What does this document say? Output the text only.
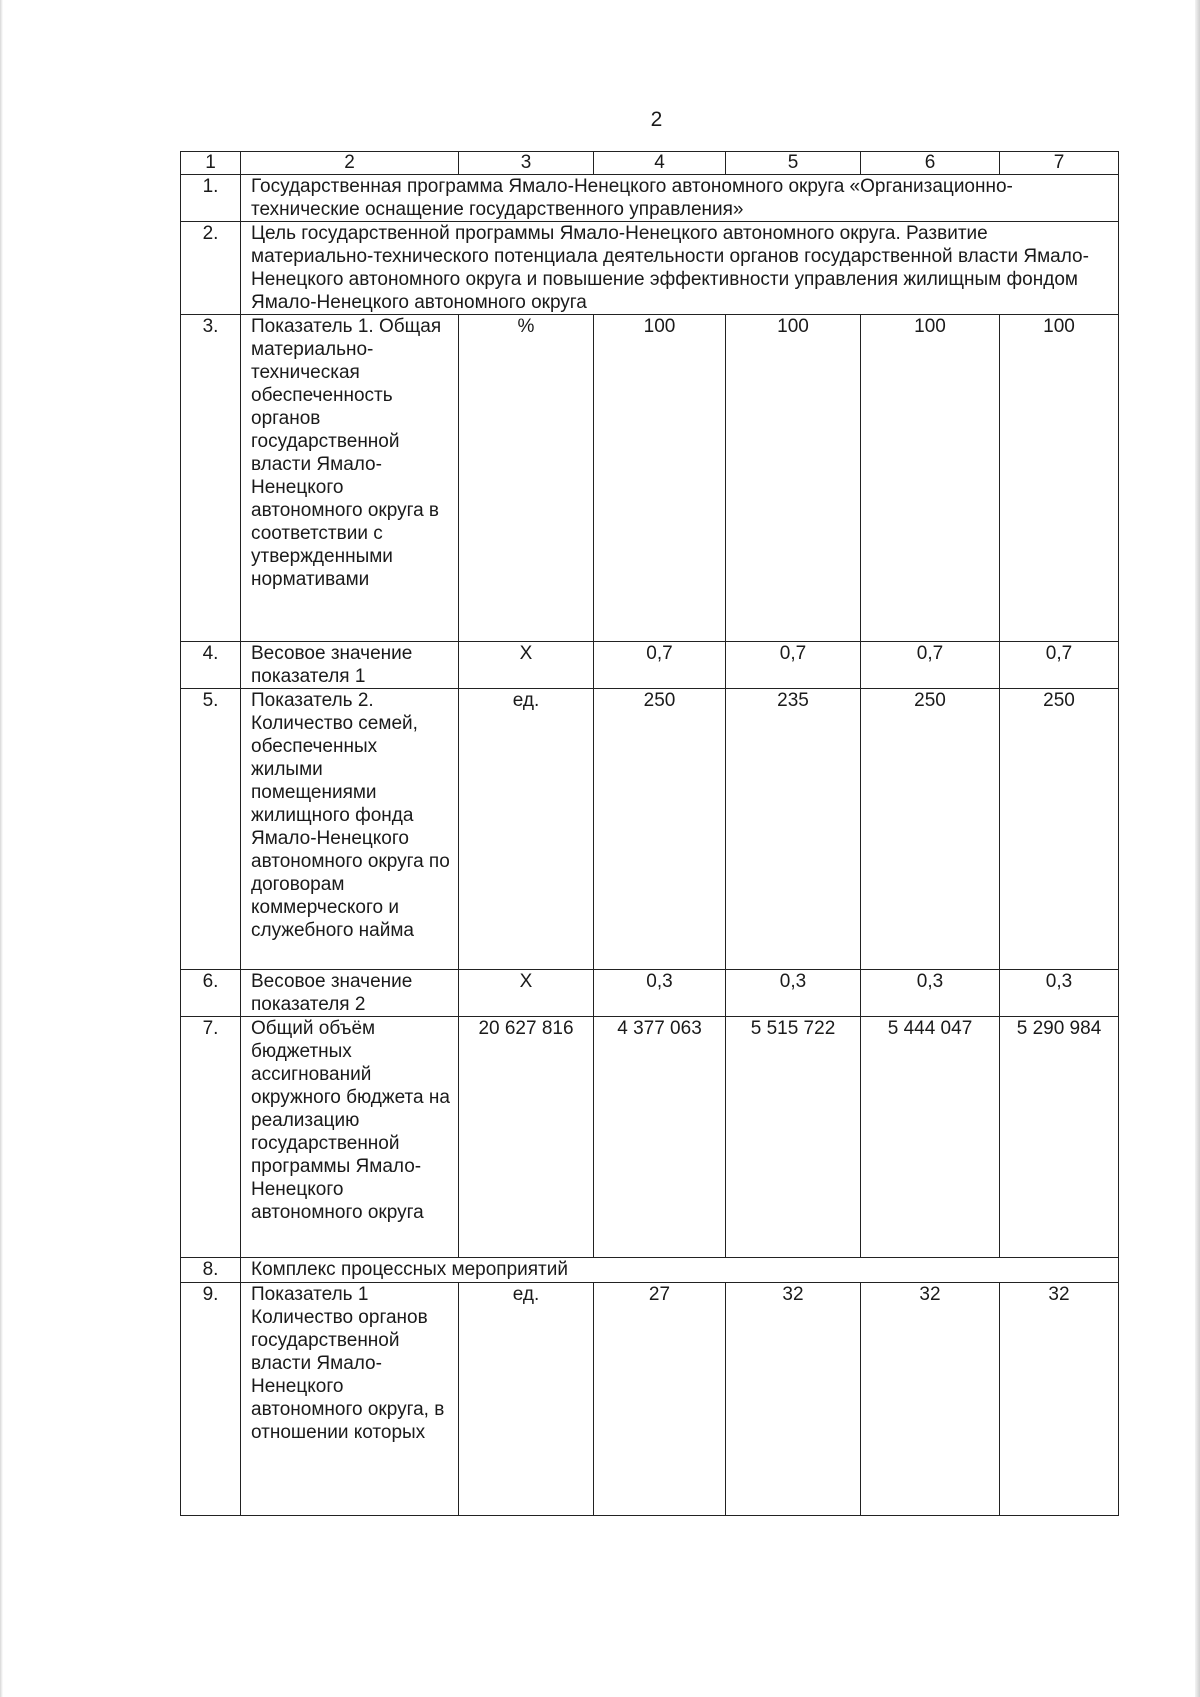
2
1	2	3	4	5	6	7
1.	Государственная программа Ямало-Ненецкого автономного округа «Организационно-технические оснащение государственного управления»					
2.	Цель государственной программы Ямало-Ненецкого автономного округа. Развитие материально-технического потенциала деятельности органов государственной власти Ямало-Ненецкого автономного округа и повышение эффективности управления жилищным фондом Ямало-Ненецкого автономного округа					
3.	Показатель 1. Общая материально-техническая обеспеченность органов государственной власти Ямало-Ненецкого автономного округа в соответствии с утвержденными нормативами	%	100	100	100	100
4.	Весовое значение показателя 1	Х	0,7	0,7	0,7	0,7
5.	Показатель 2. Количество семей, обеспеченных жилыми помещениями жилищного фонда Ямало-Ненецкого автономного округа по договорам коммерческого и служебного найма	ед.	250	235	250	250
6.	Весовое значение показателя 2	Х	0,3	0,3	0,3	0,3
7.	Общий объём бюджетных ассигнований окружного бюджета на реализацию государственной программы Ямало-Ненецкого автономного округа	20 627 816	4 377 063	5 515 722	5 444 047	5 290 984
8.	Комплекс процессных мероприятий					
9.	Показатель 1 Количество органов государственной власти Ямало-Ненецкого автономного округа, в отношении которых	ед.	27	32	32	32
